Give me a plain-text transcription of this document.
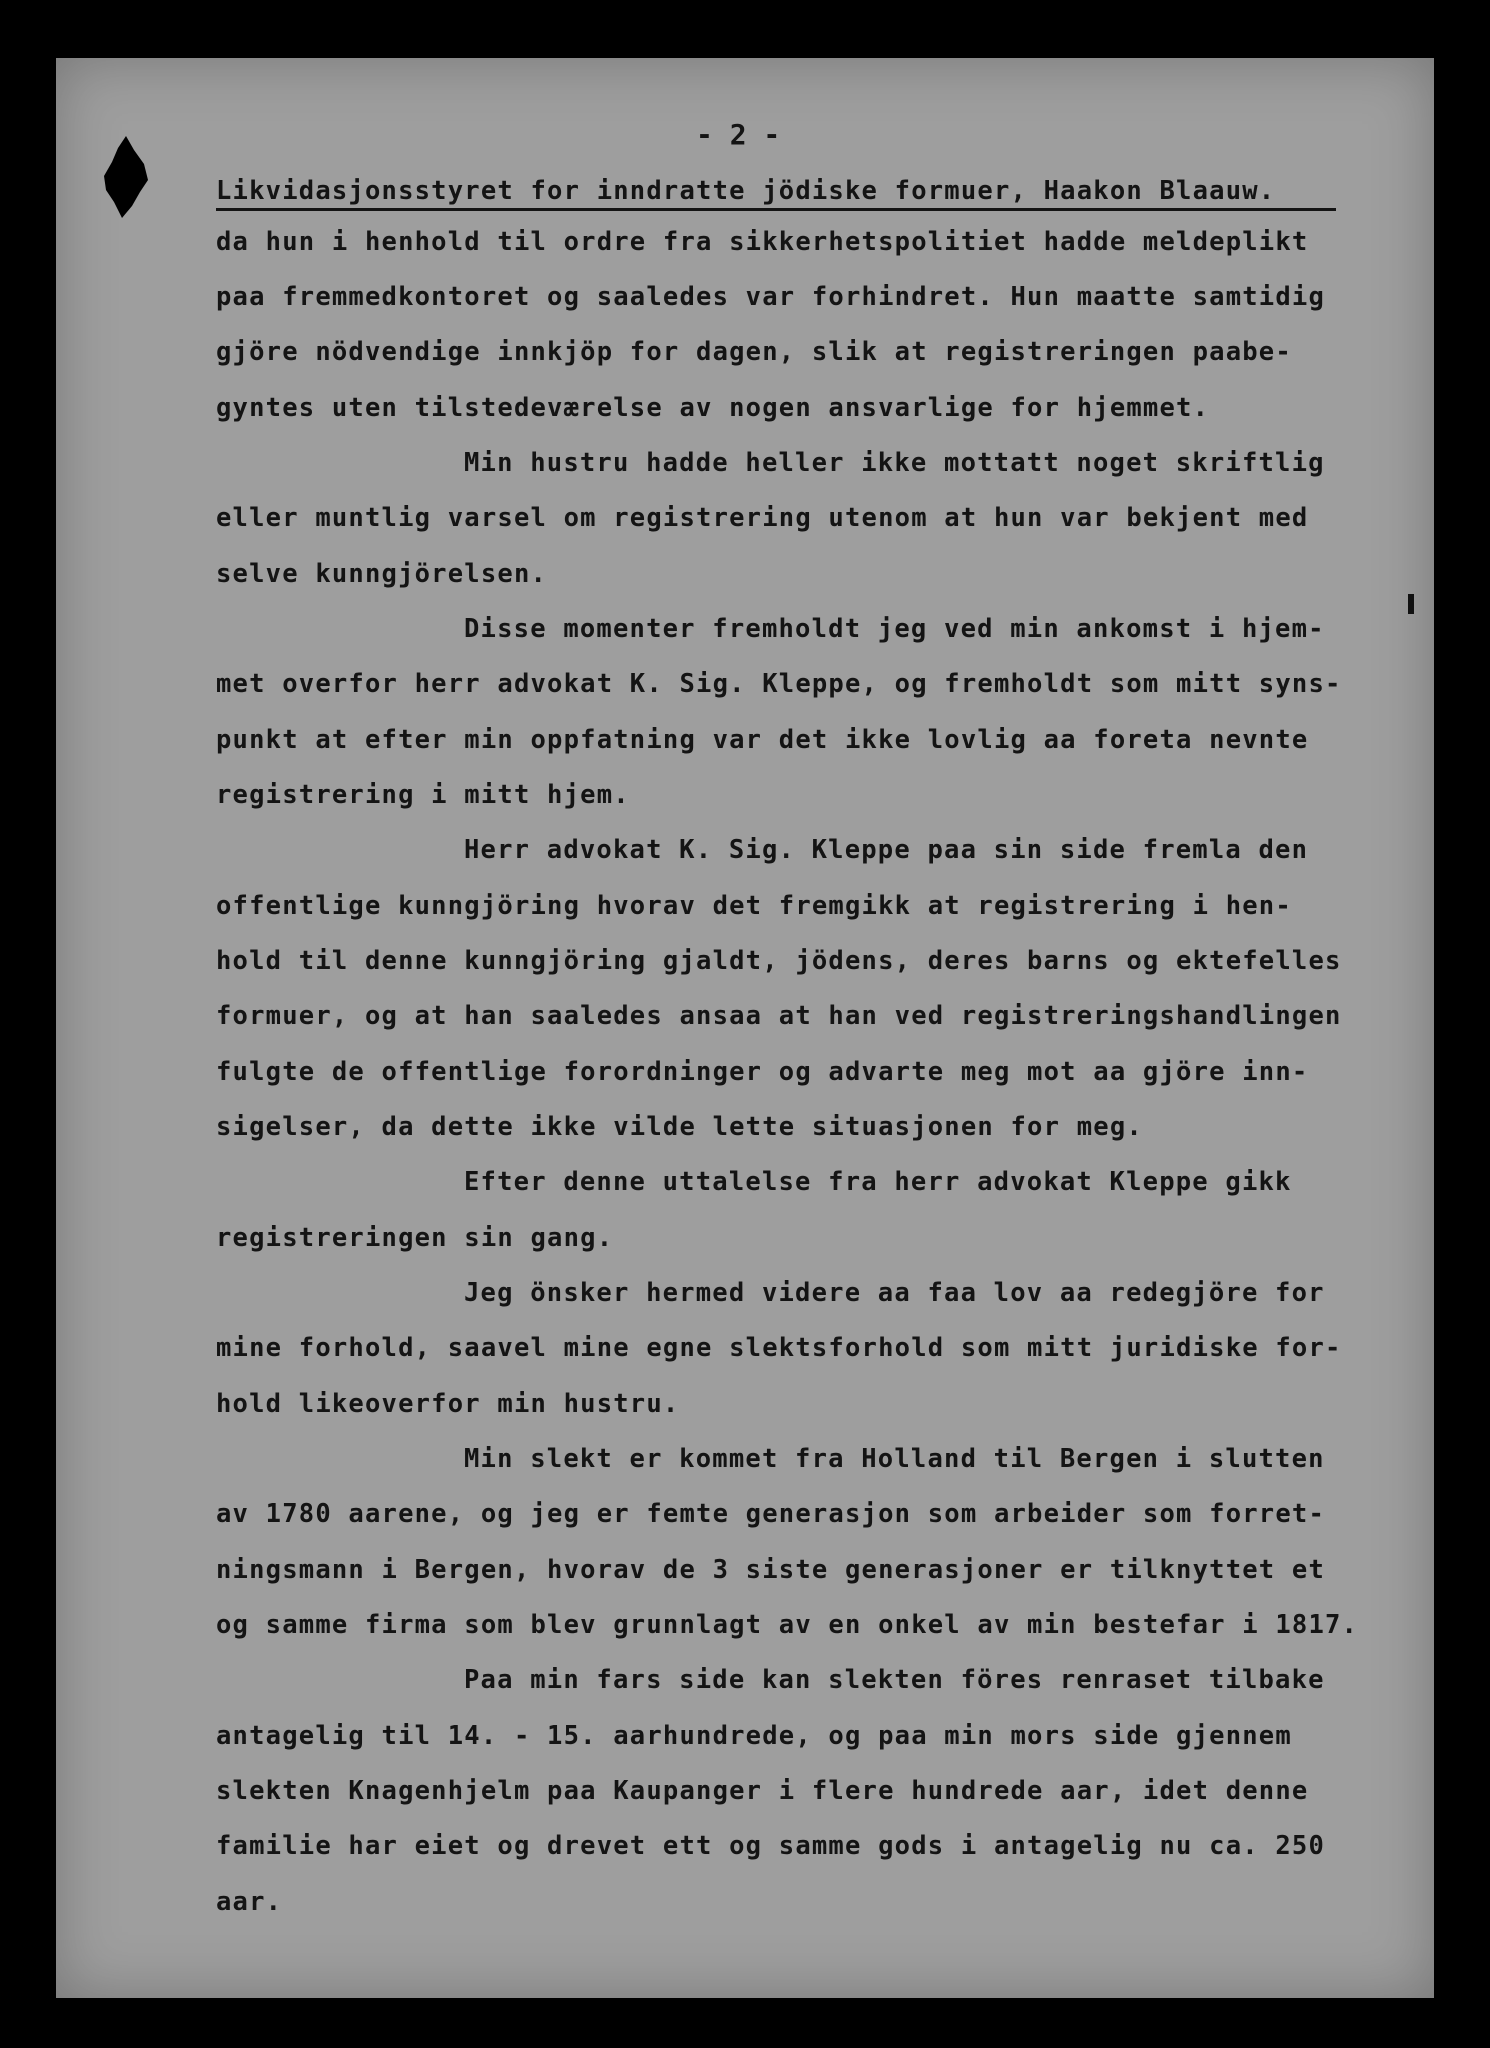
- 2 -
Likvidasjonsstyret for inndratte jödiske formuer, Haakon Blaauw.
da hun i henhold til ordre fra sikkerhetspolitiet hadde meldeplikt
paa fremmedkontoret og saaledes var forhindret. Hun maatte samtidig
gjöre nödvendige innkjöp for dagen, slik at registreringen paabe-
gyntes uten tilstedeværelse av nogen ansvarlige for hjemmet.
Min hustru hadde heller ikke mottatt noget skriftlig
eller muntlig varsel om registrering utenom at hun var bekjent med
selve kunngjörelsen.
Disse momenter fremholdt jeg ved min ankomst i hjem-
met overfor herr advokat K. Sig. Kleppe, og fremholdt som mitt syns-
punkt at efter min oppfatning var det ikke lovlig aa foreta nevnte
registrering i mitt hjem.
Herr advokat K. Sig. Kleppe paa sin side fremla den
offentlige kunngjöring hvorav det fremgikk at registrering i hen-
hold til denne kunngjöring gjaldt, jödens, deres barns og ektefelles
formuer, og at han saaledes ansaa at han ved registreringshandlingen
fulgte de offentlige forordninger og advarte meg mot aa gjöre inn-
sigelser, da dette ikke vilde lette situasjonen for meg.
Efter denne uttalelse fra herr advokat Kleppe gikk
registreringen sin gang.
Jeg önsker hermed videre aa faa lov aa redegjöre for
mine forhold, saavel mine egne slektsforhold som mitt juridiske for-
hold likeoverfor min hustru.
Min slekt er kommet fra Holland til Bergen i slutten
av 1780 aarene, og jeg er femte generasjon som arbeider som forret-
ningsmann i Bergen, hvorav de 3 siste generasjoner er tilknyttet et
og samme firma som blev grunnlagt av en onkel av min bestefar i 1817.
Paa min fars side kan slekten föres renraset tilbake
antagelig til 14. - 15. aarhundrede, og paa min mors side gjennem
slekten Knagenhjelm paa Kaupanger i flere hundrede aar, idet denne
familie har eiet og drevet ett og samme gods i antagelig nu ca. 250
aar.
